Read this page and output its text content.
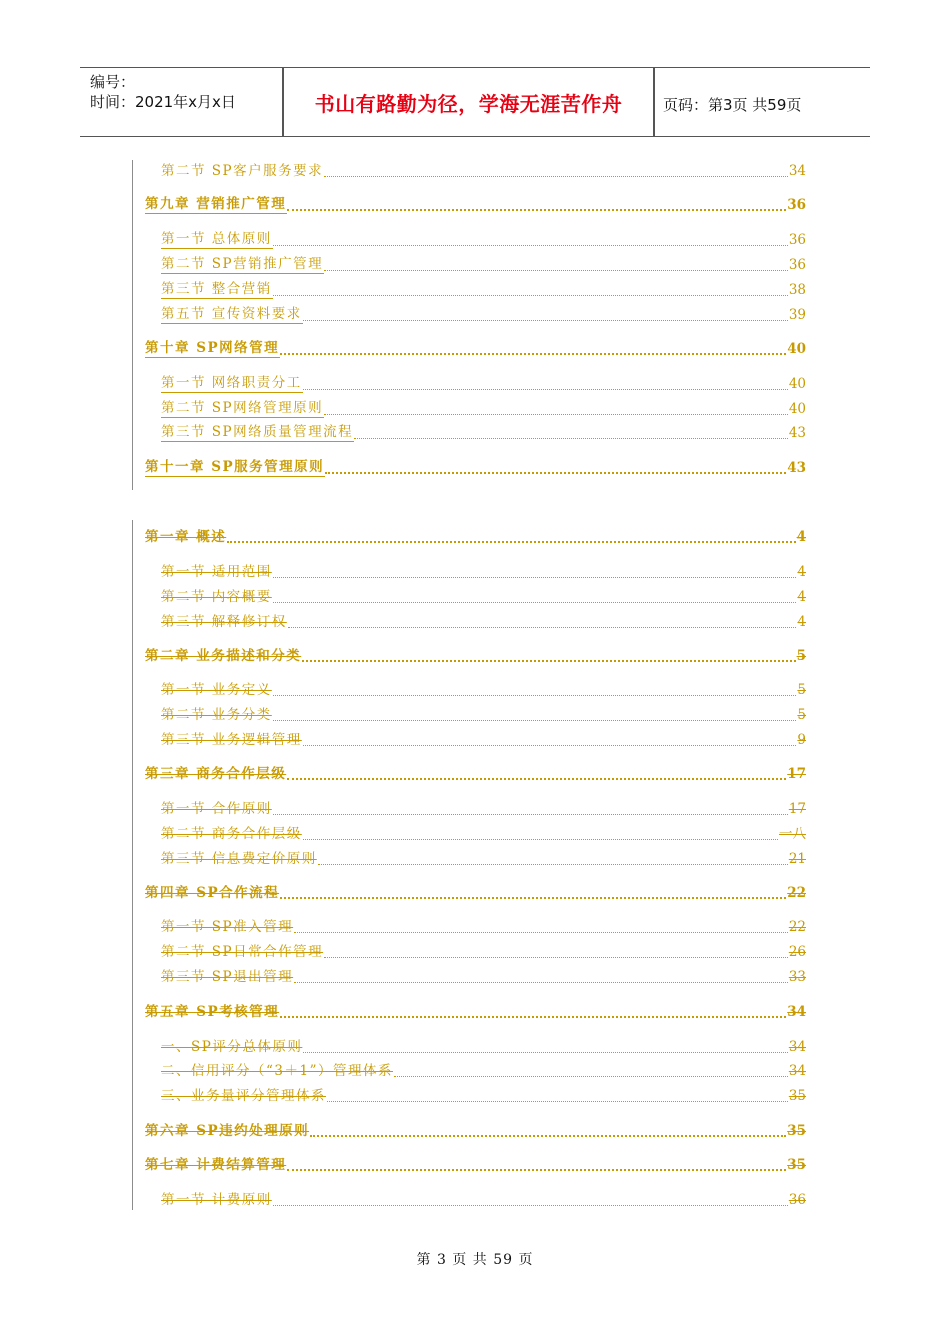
编号：
时间：2021年x月x日	书山有路勤为径，学海无涯苦作舟	页码：第3页 共59页
第二节 SP客户服务要求	34
第九章 营销推广管理	36
第一节 总体原则	36
第二节 SP营销推广管理	36
第三节 整合营销	38
第五节 宣传资料要求	39
第十章 SP网络管理	40
第一节 网络职责分工	40
第二节 SP网络管理原则	40
第三节 SP网络质量管理流程	43
第十一章 SP服务管理原则	43
第一章 概述	4
第一节 适用范围	4
第二节 内容概要	4
第三节 解释修订权	4
第二章 业务描述和分类	5
第一节 业务定义	5
第二节 业务分类	5
第三节 业务逻辑管理	9
第三章 商务合作层级	17
第一节 合作原则	17
第二节 商务合作层级	一八
第三节 信息费定价原则	21
第四章 SP合作流程	22
第一节 SP准入管理	22
第二节 SP日常合作管理	26
第三节 SP退出管理	33
第五章 SP考核管理	34
一、SP评分总体原则	34
二、信用评分（“3＋1”）管理体系	34
三、业务量评分管理体系	35
第六章 SP违约处理原则	35
第七章 计费结算管理	35
第一节 计费原则	36
第 3 页 共 59 页
